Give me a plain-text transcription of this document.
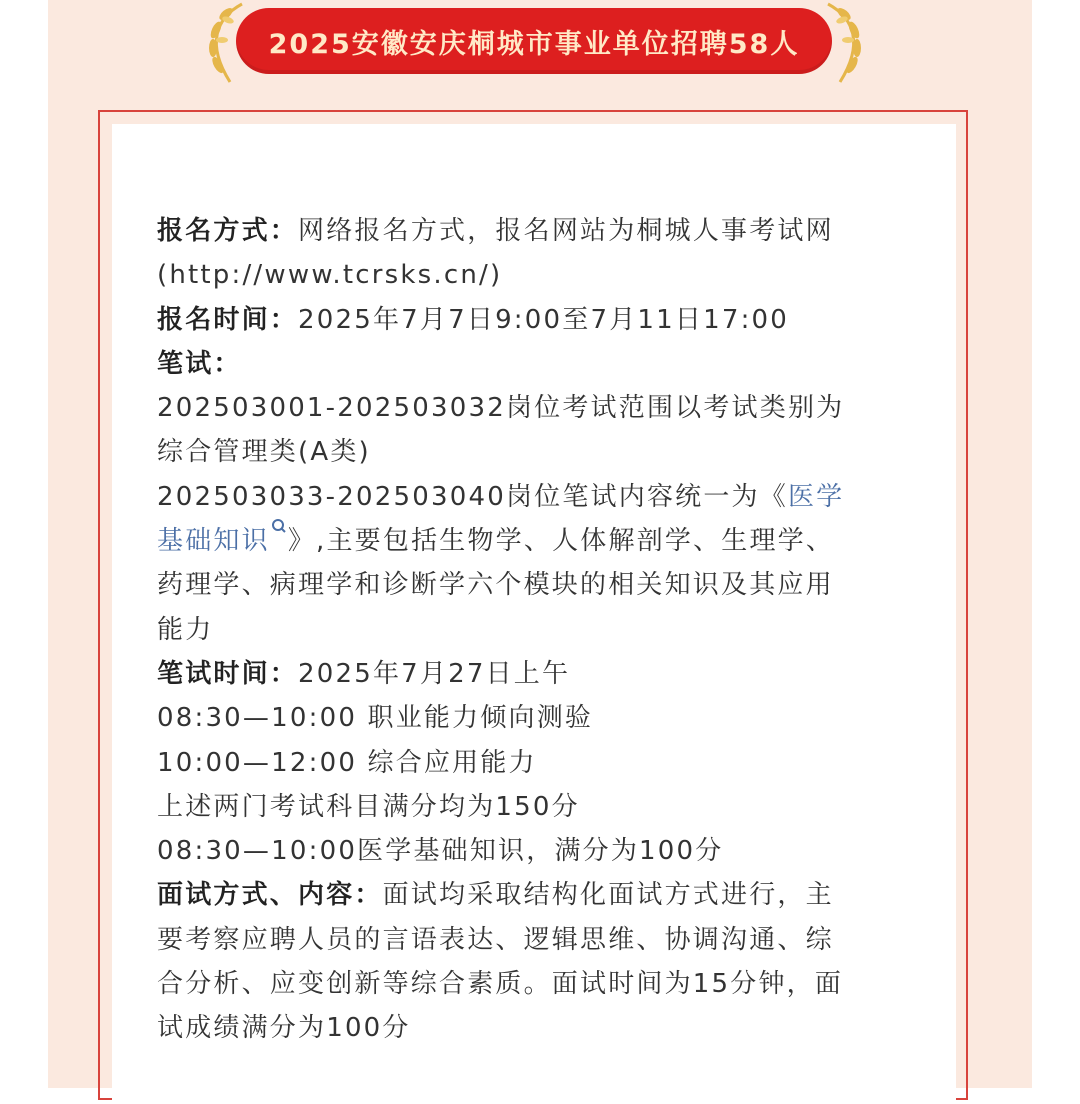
2025安徽安庆桐城市事业单位招聘58人
报名方式：网络报名方式，报名网站为桐城人事考试网
(http://www.tcrsks.cn/)
报名时间：2025年7月7日9:00至7月11日17:00
笔试：
202503001-202503032岗位考试范围以考试类别为
综合管理类(A类)
202503033-202503040岗位笔试内容统一为《医学
基础知识 》,主要包括生物学、人体解剖学、生理学、
药理学、病理学和诊断学六个模块的相关知识及其应用
能力
笔试时间：2025年7月27日上午
08:30—10:00 职业能力倾向测验
10:00—12:00 综合应用能力
上述两门考试科目满分均为150分
08:30—10:00医学基础知识，满分为100分
面试方式、内容：面试均采取结构化面试方式进行，主
要考察应聘人员的言语表达、逻辑思维、协调沟通、综
合分析、应变创新等综合素质。面试时间为15分钟，面
试成绩满分为100分
